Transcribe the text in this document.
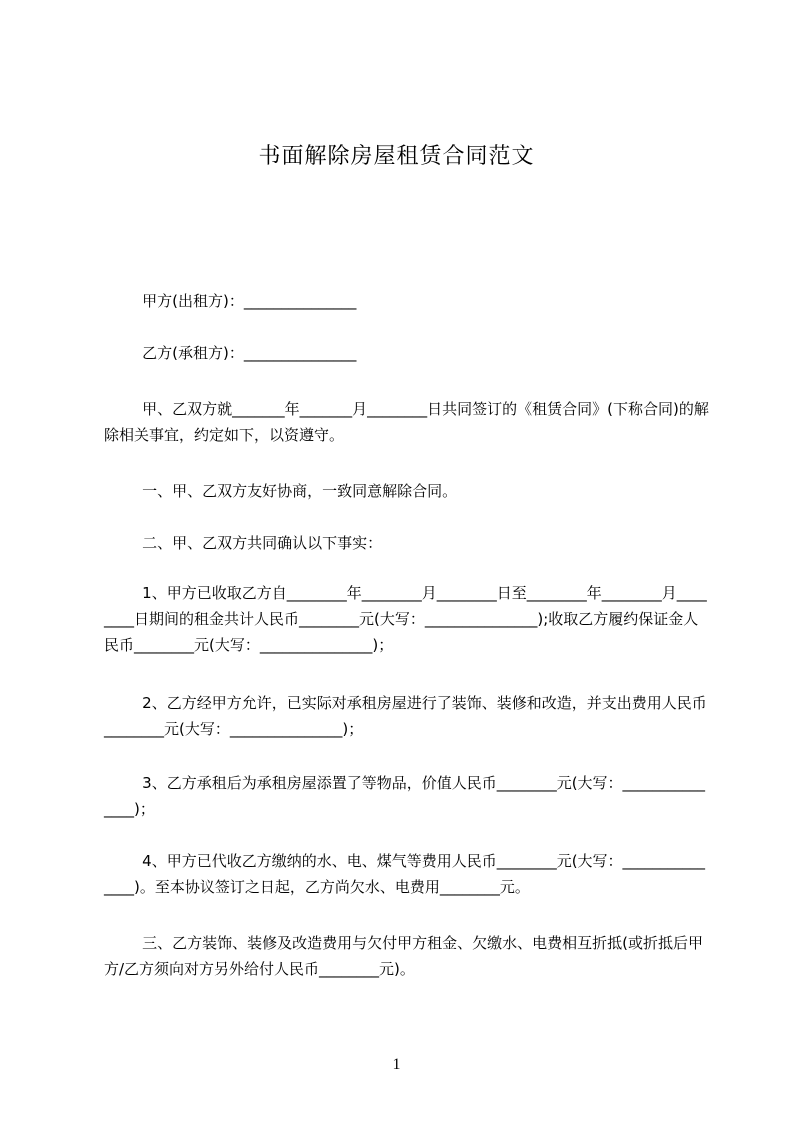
书面解除房屋租赁合同范文
甲方(出租方)：_______________
乙方(承租方)：_______________
甲、乙双方就_______年_______月________日共同签订的《租赁合同》(下称合同)的解除相关事宜，约定如下，以资遵守。
一、甲、乙双方友好协商，一致同意解除合同。
二、甲、乙双方共同确认以下事实：
1、甲方已收取乙方自________年________月________日至________年________月________日期间的租金共计人民币________元(大写：_______________);收取乙方履约保证金人民币________元(大写：_______________)；
2、乙方经甲方允许，已实际对承租房屋进行了装饰、装修和改造，并支出费用人民币________元(大写：_______________)；
3、乙方承租后为承租房屋添置了等物品，价值人民币________元(大写：_______________)；
4、甲方已代收乙方缴纳的水、电、煤气等费用人民币________元(大写：_______________)。至本协议签订之日起，乙方尚欠水、电费用________元。
三、乙方装饰、装修及改造费用与欠付甲方租金、欠缴水、电费相互折抵(或折抵后甲方/乙方须向对方另外给付人民币________元)。
1
